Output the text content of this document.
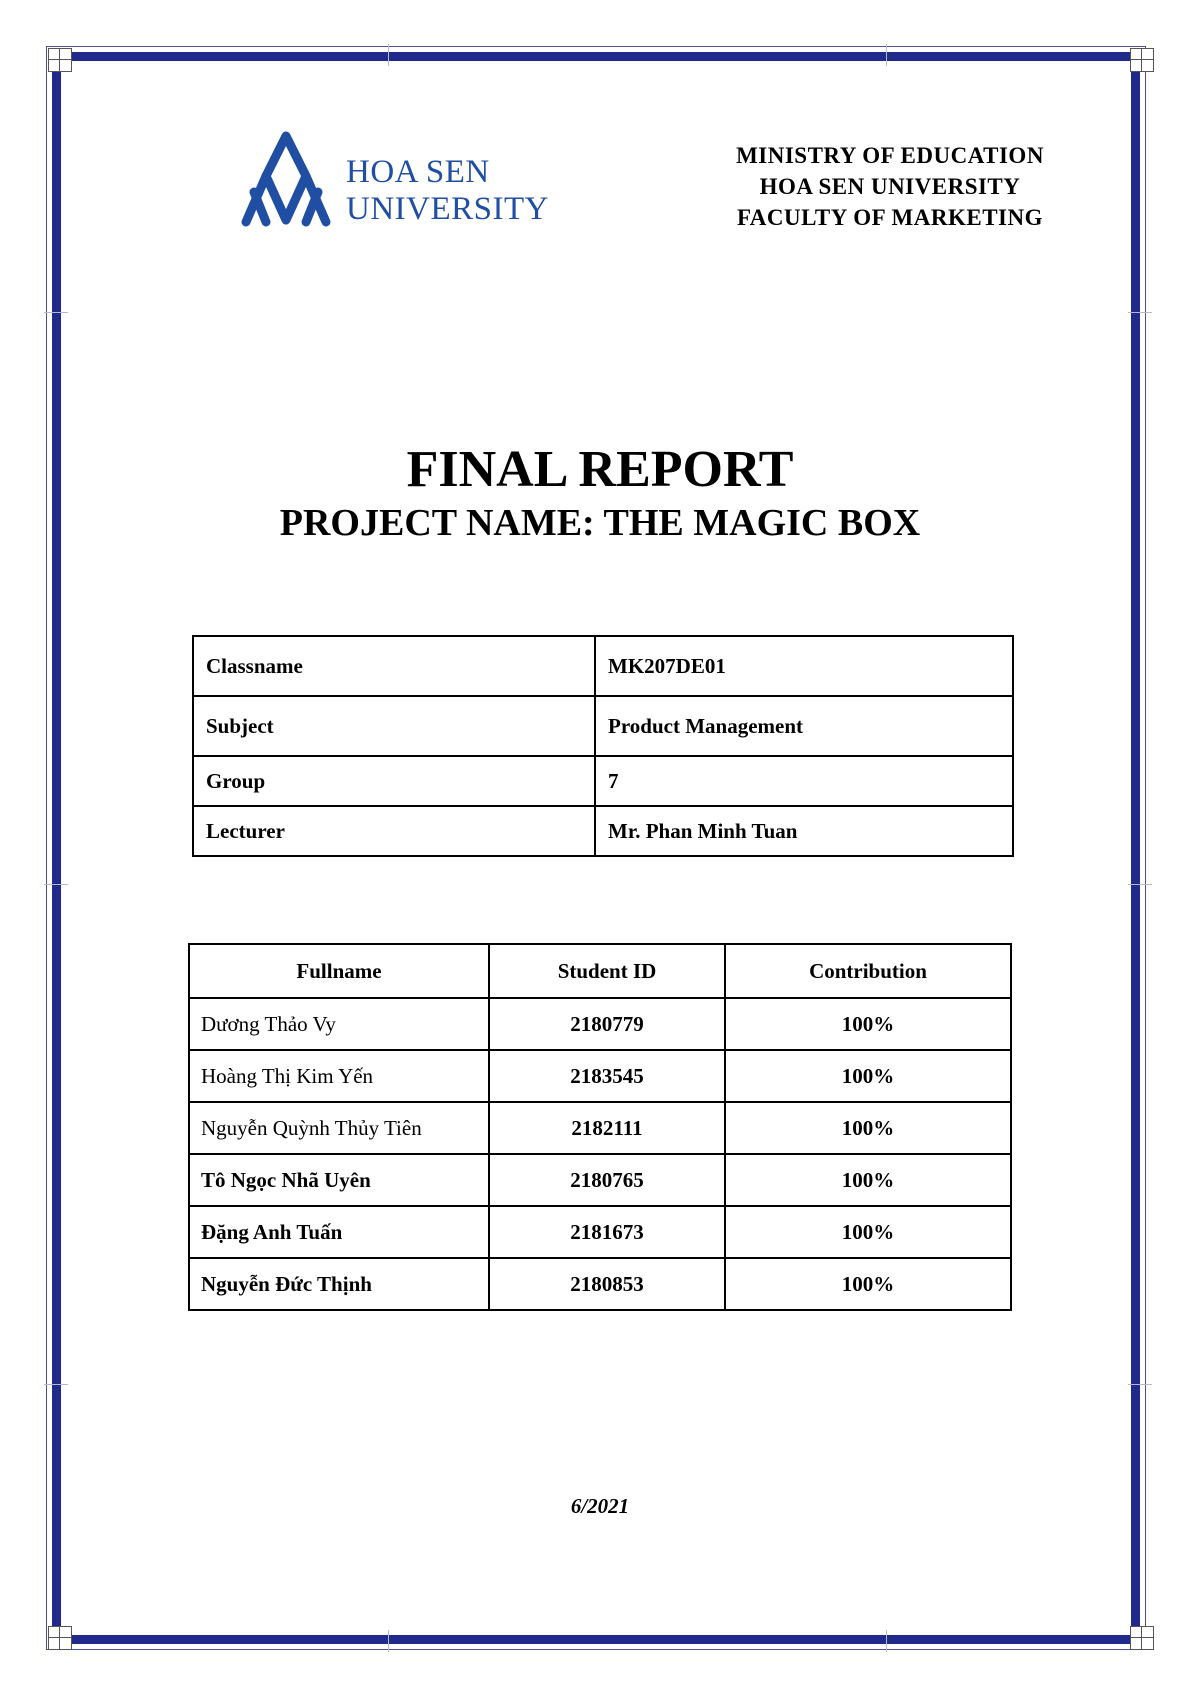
HOA SEN
UNIVERSITY
MINISTRY OF EDUCATION
HOA SEN UNIVERSITY
FACULTY OF MARKETING
FINAL REPORT
PROJECT NAME: THE MAGIC BOX
Classname	MK207DE01
Subject	Product Management
Group	7
Lecturer	Mr. Phan Minh Tuan
Fullname	Student ID	Contribution
Dương Thảo Vy	2180779	100%
Hoàng Thị Kim Yến	2183545	100%
Nguyễn Quỳnh Thủy Tiên	2182111	100%
Tô Ngọc Nhã Uyên	2180765	100%
Đặng Anh Tuấn	2181673	100%
Nguyễn Đức Thịnh	2180853	100%
6/2021
